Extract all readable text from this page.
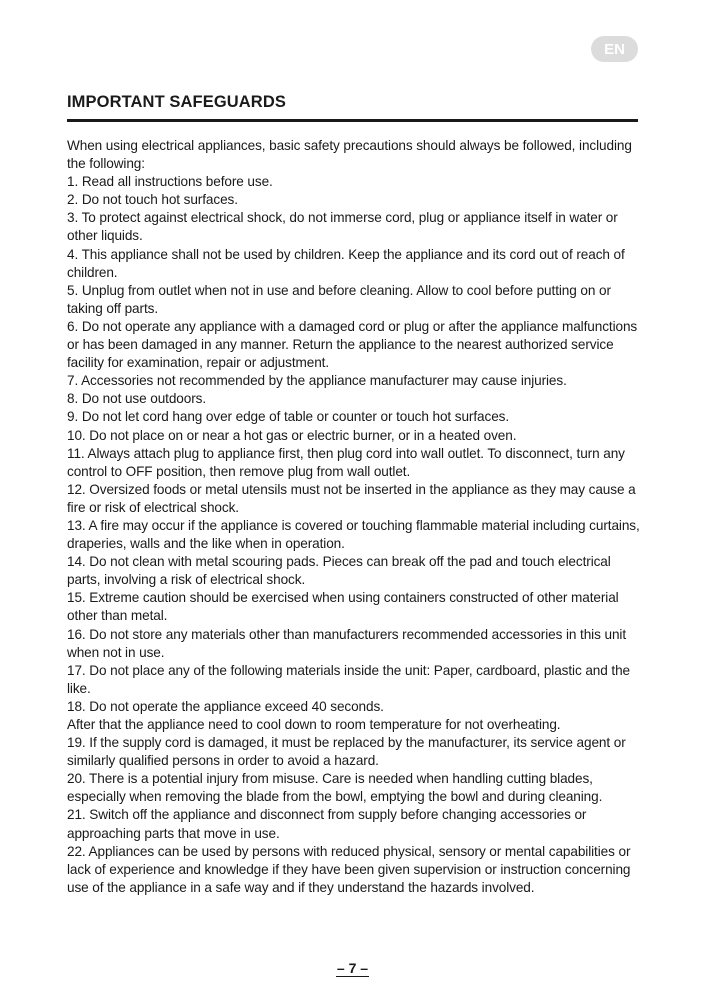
EN
IMPORTANT SAFEGUARDS

When using electrical appliances, basic safety precautions should always be followed, including the following:

1. Read all instructions before use.

2. Do not touch hot surfaces.

3. To protect against electrical shock, do not immerse cord, plug or appliance itself in water or other liquids.

4. This appliance shall not be used by children. Keep the appliance and its cord out of reach of children.

5. Unplug from outlet when not in use and before cleaning. Allow to cool before putting on or taking off parts.

6. Do not operate any appliance with a damaged cord or plug or after the appliance malfunctions or has been damaged in any manner. Return the appliance to the nearest authorized service facility for examination, repair or adjustment.

7. Accessories not recommended by the appliance manufacturer may cause injuries.

8. Do not use outdoors.

9. Do not let cord hang over edge of table or counter or touch hot surfaces.

10. Do not place on or near a hot gas or electric burner, or in a heated oven.

11. Always attach plug to appliance first, then plug cord into wall outlet. To disconnect, turn any control to OFF position, then remove plug from wall outlet.

12. Oversized foods or metal utensils must not be inserted in the appliance as they may cause a fire or risk of electrical shock.

13. A fire may occur if the appliance is covered or touching flammable material including curtains, draperies, walls and the like when in operation.

14. Do not clean with metal scouring pads. Pieces can break off the pad and touch electrical parts, involving a risk of electrical shock.

15. Extreme caution should be exercised when using containers constructed of other material other than metal.

16. Do not store any materials other than manufacturers recommended accessories in this unit when not in use.

17. Do not place any of the following materials inside the unit: Paper, cardboard, plastic and the like.

18. Do not operate the appliance exceed 40 seconds.

After that the appliance need to cool down to room temperature for not overheating.

19. If the supply cord is damaged, it must be replaced by the manufacturer, its service agent or similarly qualified persons in order to avoid a hazard.

20. There is a potential injury from misuse. Care is needed when handling cutting blades, especially when removing the blade from the bowl, emptying the bowl and during cleaning.

21. Switch off the appliance and disconnect from supply before changing accessories or approaching parts that move in use.

22. Appliances can be used by persons with reduced physical, sensory or mental capabilities or lack of experience and knowledge if they have been given supervision or instruction concerning use of the appliance in a safe way and if they understand the hazards involved.

– 7 –
